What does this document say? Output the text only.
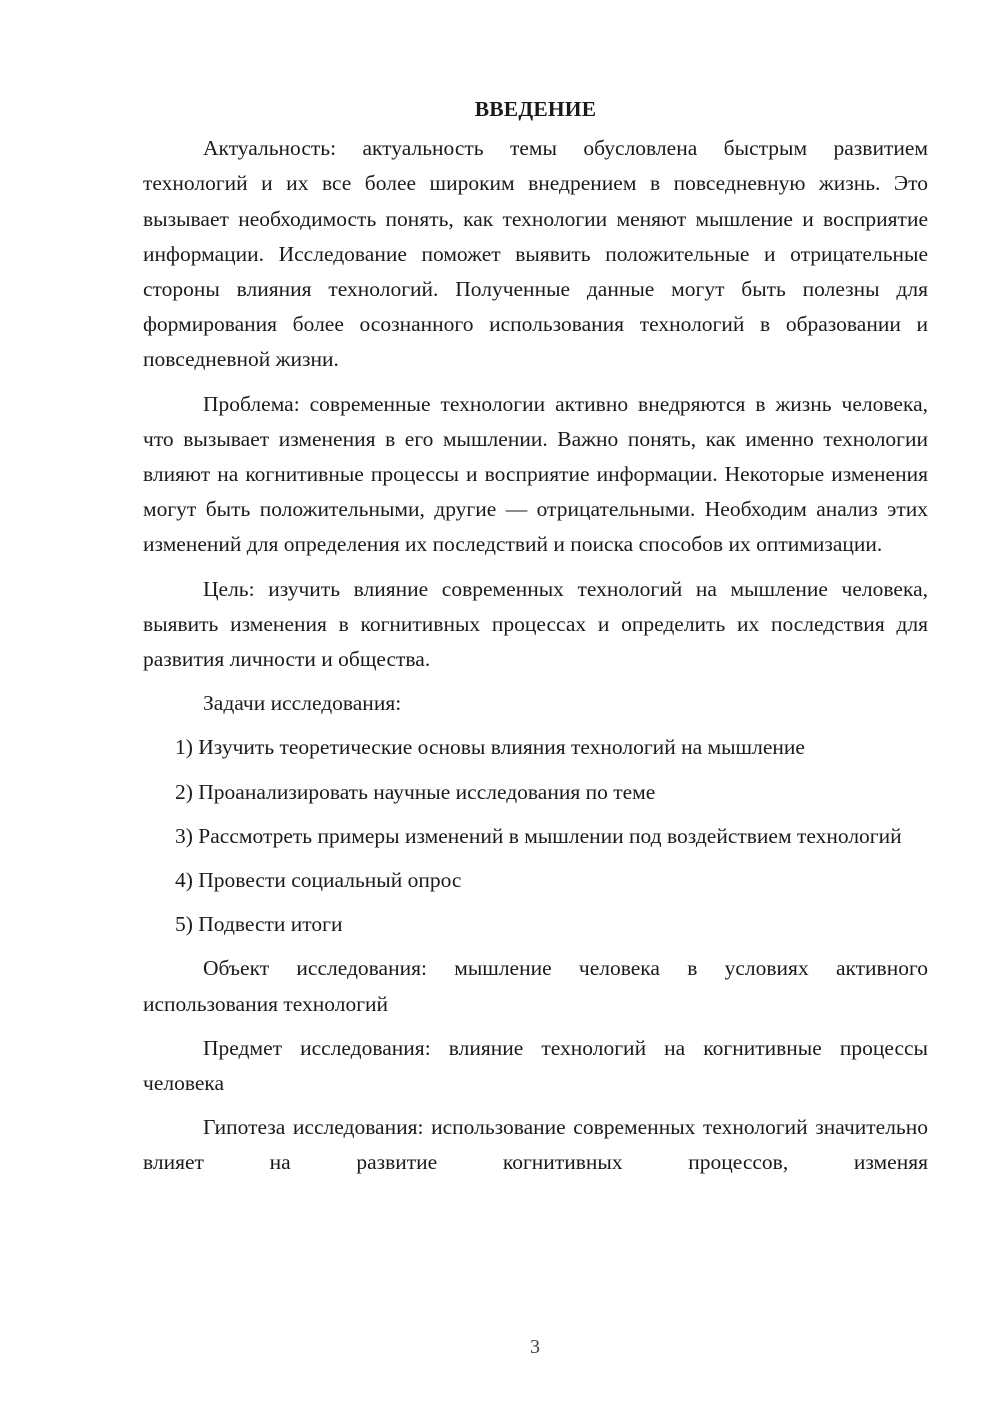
ВВЕДЕНИЕ

Актуальность: актуальность темы обусловлена быстрым развитием технологий и их все более широким внедрением в повседневную жизнь. Это вызывает необходимость понять, как технологии меняют мышление и восприятие информации. Исследование поможет выявить положительные и отрицательные стороны влияния технологий. Полученные данные могут быть полезны для формирования более осознанного использования технологий в образовании и повседневной жизни.

Проблема: современные технологии активно внедряются в жизнь человека, что вызывает изменения в его мышлении. Важно понять, как именно технологии влияют на когнитивные процессы и восприятие информации. Некоторые изменения могут быть положительными, другие — отрицательными. Необходим анализ этих изменений для определения их последствий и поиска способов их оптимизации.

Цель: изучить влияние современных технологий на мышление человека, выявить изменения в когнитивных процессах и определить их последствия для развития личности и общества.

Задачи исследования:

1) Изучить теоретические основы влияния технологий на мышление

2) Проанализировать научные исследования по теме

3) Рассмотреть примеры изменений в мышлении под воздействием технологий

4) Провести социальный опрос

5) Подвести итоги

Объект исследования: мышление человека в условиях активного использования технологий

Предмет исследования: влияние технологий на когнитивные процессы человека

Гипотеза исследования: использование современных технологий значительно влияет на развитие когнитивных процессов, изменяя

3
